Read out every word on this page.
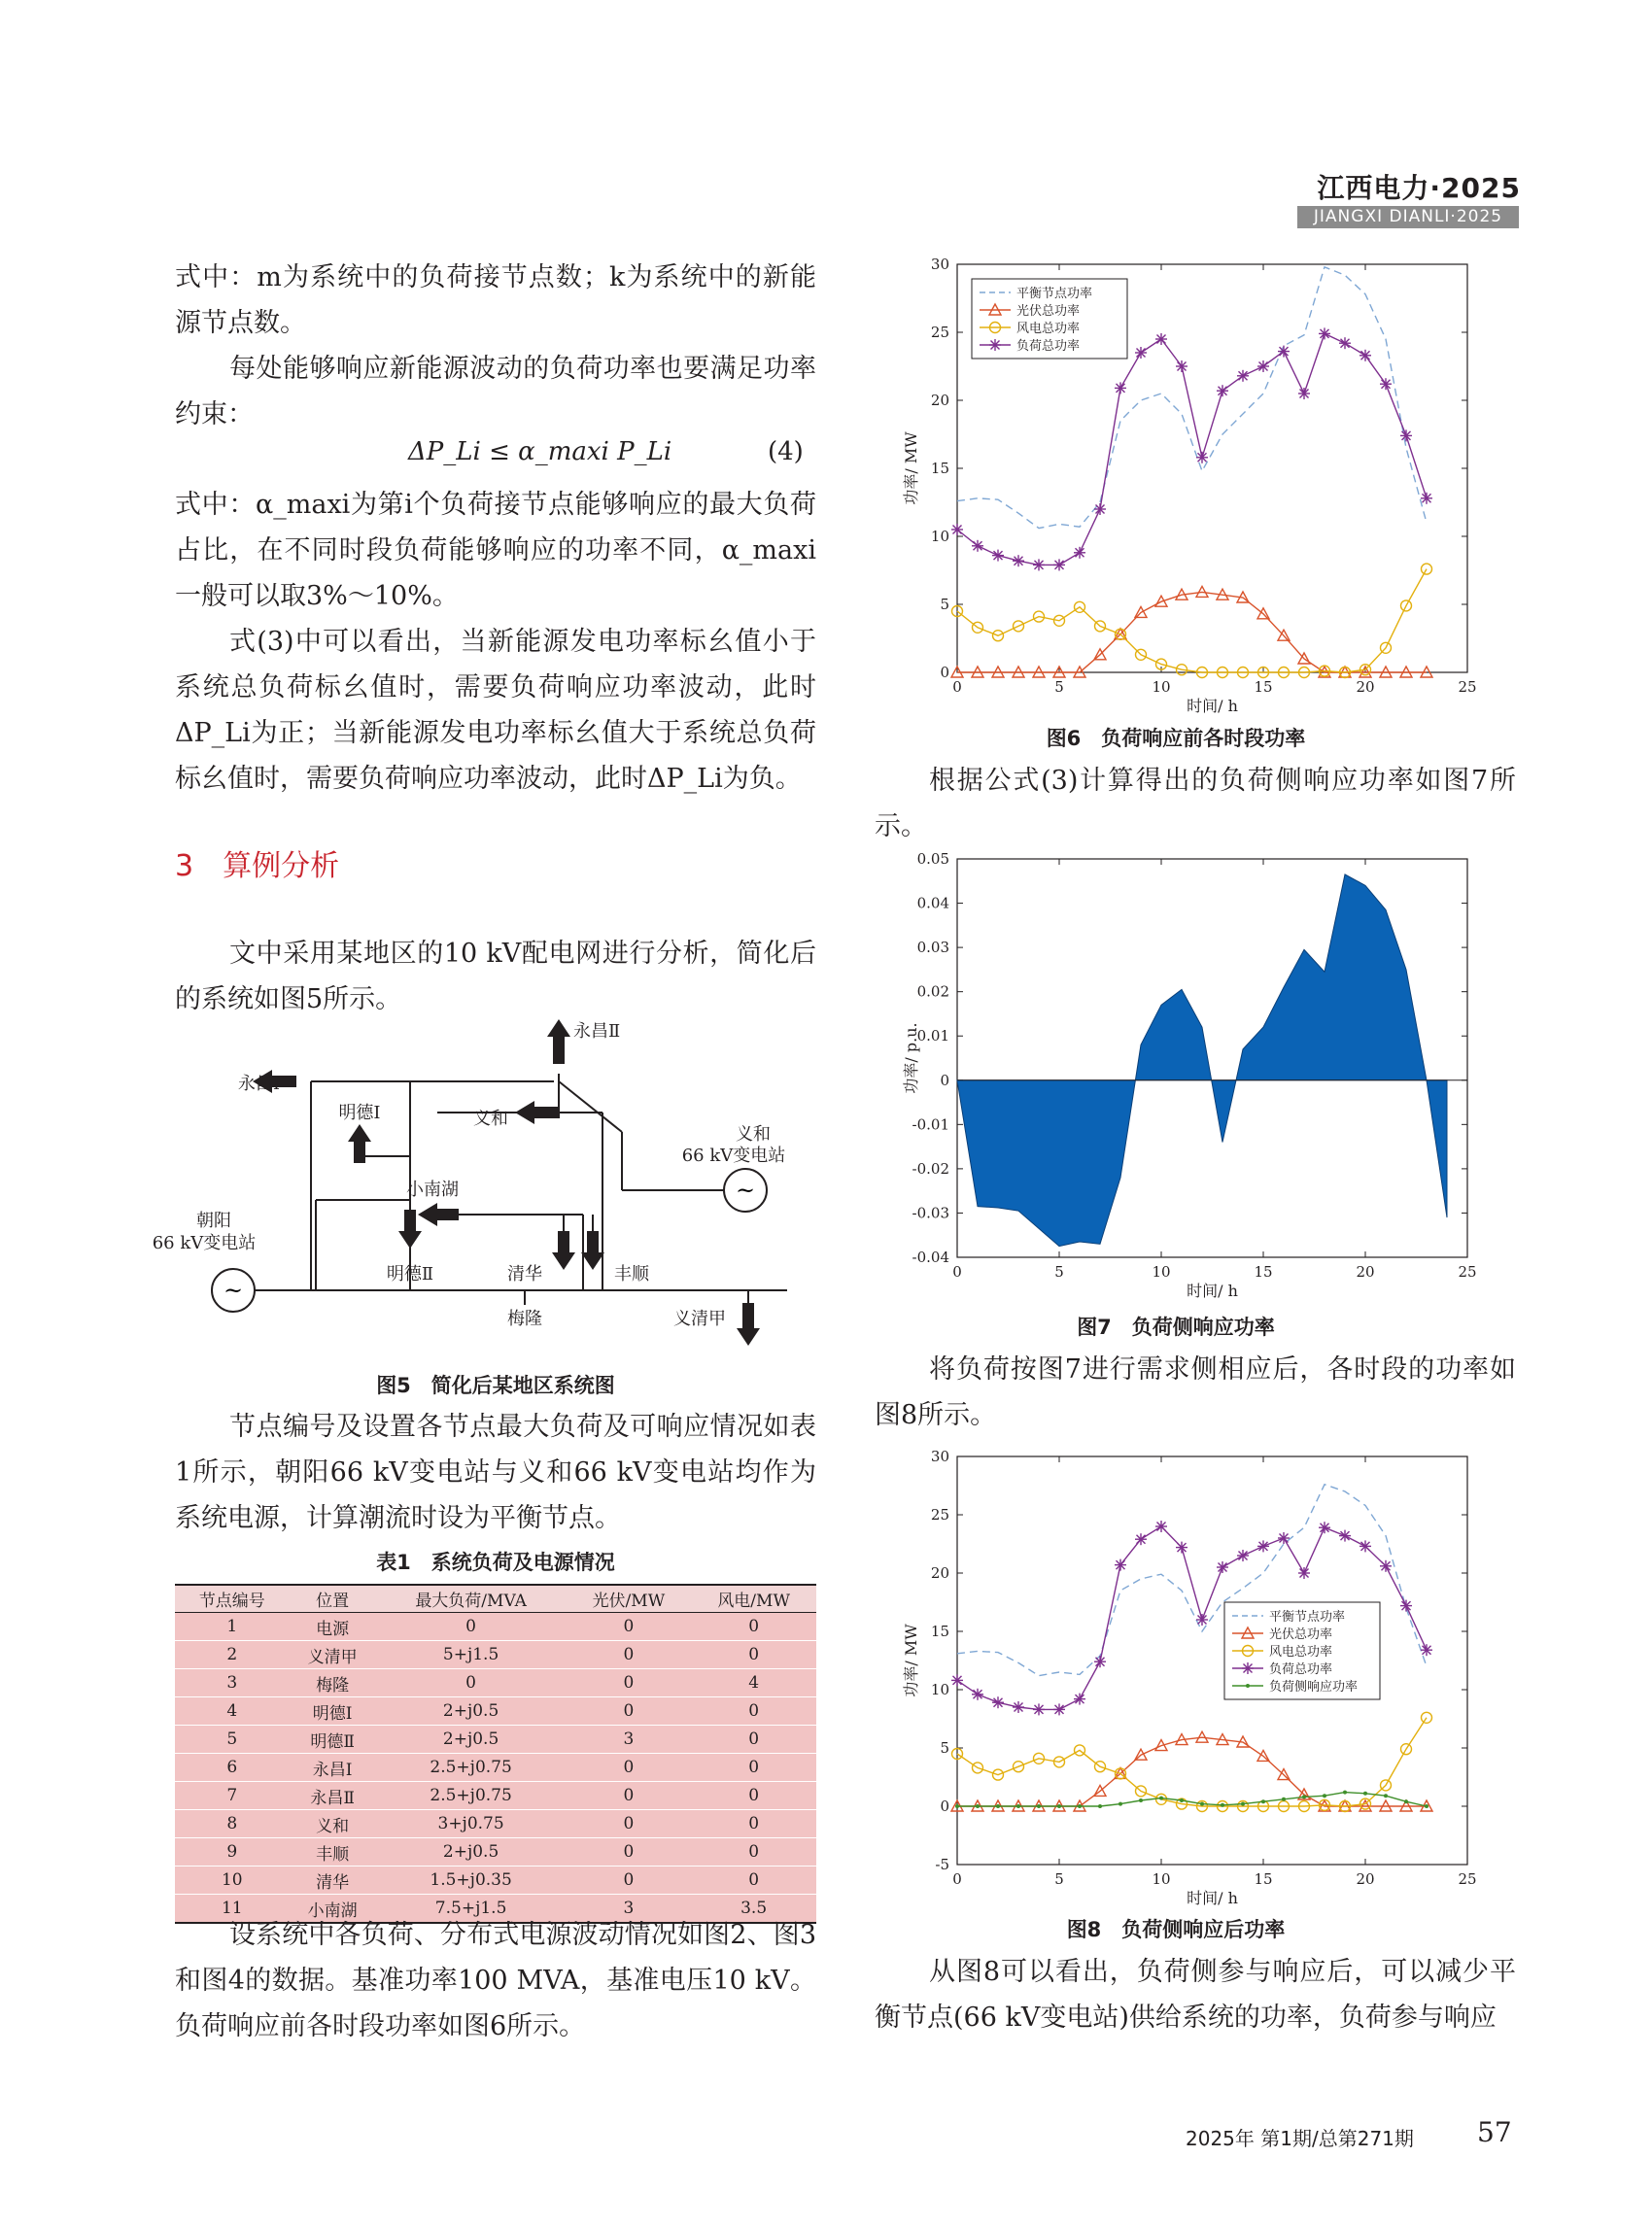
江西电力·2025
JIANGXI DIANLI·2025

式中：m为系统中的负荷接节点数；k为系统中的新能源节点数。

每处能够响应新能源波动的负荷功率也要满足功率约束：

ΔP_Li ≤ α_maxi P_Li	(4)

式中：α_maxi为第i个负荷接节点能够响应的最大负荷占比，在不同时段负荷能够响应的功率不同，α_maxi一般可以取3%～10%。

式(3)中可以看出，当新能源发电功率标幺值小于系统总负荷标幺值时，需要负荷响应功率波动，此时ΔP_Li为正；当新能源发电功率标幺值大于系统总负荷标幺值时，需要负荷响应功率波动，此时ΔP_Li为负。

3　算例分析
文中采用某地区的10 kV配电网进行分析，简化后的系统如图5所示。
~
~
永昌Ⅰ
明德Ⅰ
明德Ⅱ
永昌Ⅱ
义和
义和
66 kV变电站
朝阳
66 kV变电站
小南湖
清华	丰顺
梅隆	义清甲
图5　简化后某地区系统图
节点编号及设置各节点最大负荷及可响应情况如表1所示，朝阳66 kV变电站与义和66 kV变电站均作为系统电源，计算潮流时设为平衡节点。
表1　系统负荷及电源情况
节点编号	位置	最大负荷/MVA	光伏/MW	风电/MW
1	电源	0	0	0
2	义清甲	5+j1.5	0	0
3	梅隆	0	0	4
4	明德Ⅰ	2+j0.5	0	0
5	明德Ⅱ	2+j0.5	3	0
6	永昌Ⅰ	2.5+j0.75	0	0
7	永昌Ⅱ	2.5+j0.75	0	0
8	义和	3+j0.75	0	0
9	丰顺	2+j0.5	0	0
10	清华	1.5+j0.35	0	0
11	小南湖	7.5+j1.5	3	3.5
设系统中各负荷、分布式电源波动情况如图2、图3和图4的数据。基准功率100 MVA，基准电压10 kV。负荷响应前各时段功率如图6所示。
0	5	10	15	20	25
0
5
10
15
20
25
30
时间/ h
功率/ MW
平衡节点功率
光伏总功率
风电总功率
负荷总功率
图6　负荷响应前各时段功率
根据公式(3)计算得出的负荷侧响应功率如图7所示。
0	5	10	15	20	25
-0.04
-0.03
-0.02
-0.01
0
0.01
0.02
0.03
0.04
0.05
时间/ h
功率/ p.u.
图7　负荷侧响应功率
将负荷按图7进行需求侧相应后，各时段的功率如图8所示。
0	5	10	15	20	25
-5
0
5
10
15
20
25
30
时间/ h
功率/ MW
平衡节点功率
光伏总功率
风电总功率
负荷总功率
负荷侧响应功率
图8　负荷侧响应后功率
从图8可以看出，负荷侧参与响应后，可以减少平衡节点(66 kV变电站)供给系统的功率，负荷参与响应
2025年 第1期/总第271期 57
